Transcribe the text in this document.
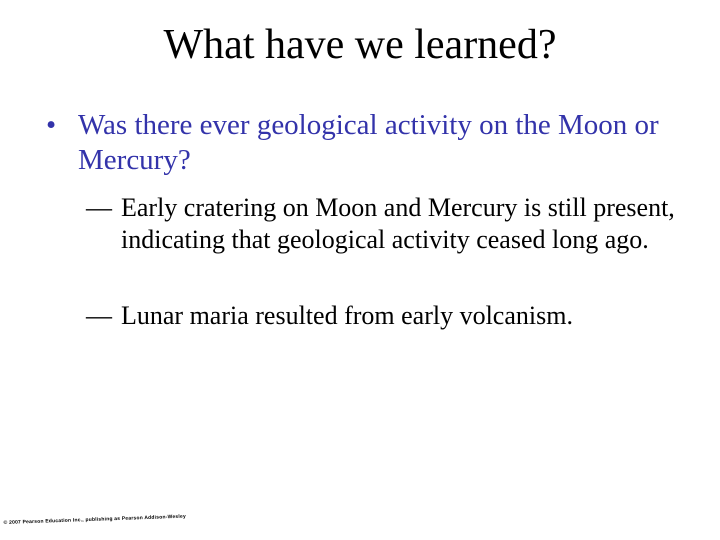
What have we learned?
• Was there ever geological activity on the Moon or Mercury?
— Early cratering on Moon and Mercury is still present, indicating that geological activity ceased long ago.
— Lunar maria resulted from early volcanism.
© 2007 Pearson Education Inc., publishing as Pearson Addison-Wesley
